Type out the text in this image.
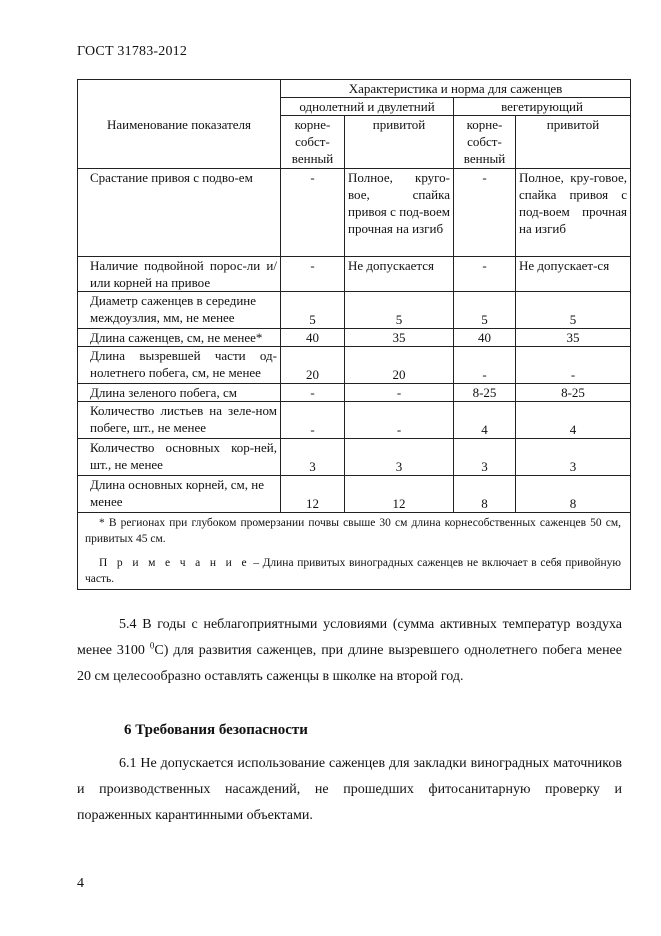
ГОСТ 31783-2012
Наименование показателя	Характеристика и норма для саженцев			
	однолетний и двулетний		вегетирующий	
	корне-собст-венный	привитой	корне-собст-венный	привитой
Срастание привоя с подво-ем	-	Полное, круго-вое, спайка привоя с под-воем прочная на изгиб	-	Полное, кру-говое, спайка привоя с под-воем прочная на изгиб
Наличие подвойной порос-ли и/или корней на привое	-	Не допускается	-	Не допускает-ся
Диаметр саженцев в середине междоузлия, мм, не менее	5	5	5	5
Длина саженцев, см, не менее*	40	35	40	35
Длина вызревшей части од-нолетнего побега, см, не менее	20	20	-	-
Длина зеленого побега, см	-	-	8-25	8-25
Количество листьев на зеле-ном побеге, шт., не менее	-	-	4	4
Количество основных кор-ней, шт., не менее	3	3	3	3
Длина основных корней, см, не менее	12	12	8	8

* В регионах при глубоком промерзании почвы свыше 30 см длина корнесобственных саженцев 50 см, привитых 45 см.
П р и м е ч а н и е – Длина привитых виноградных саженцев не включает в себя привойную часть.				

5.4 В годы с неблагоприятными условиями (сумма активных температур воздуха менее 3100 $^0$С) для развития саженцев, при длине вызревшего однолетнего побега менее 20 см целесообразно оставлять саженцы в школке на второй год.

6 Требования безопасности

6.1 Не допускается использование саженцев для закладки виноградных маточников и производственных насаждений, не прошедших фитосанитарную проверку и пораженных карантинными объектами.

4
